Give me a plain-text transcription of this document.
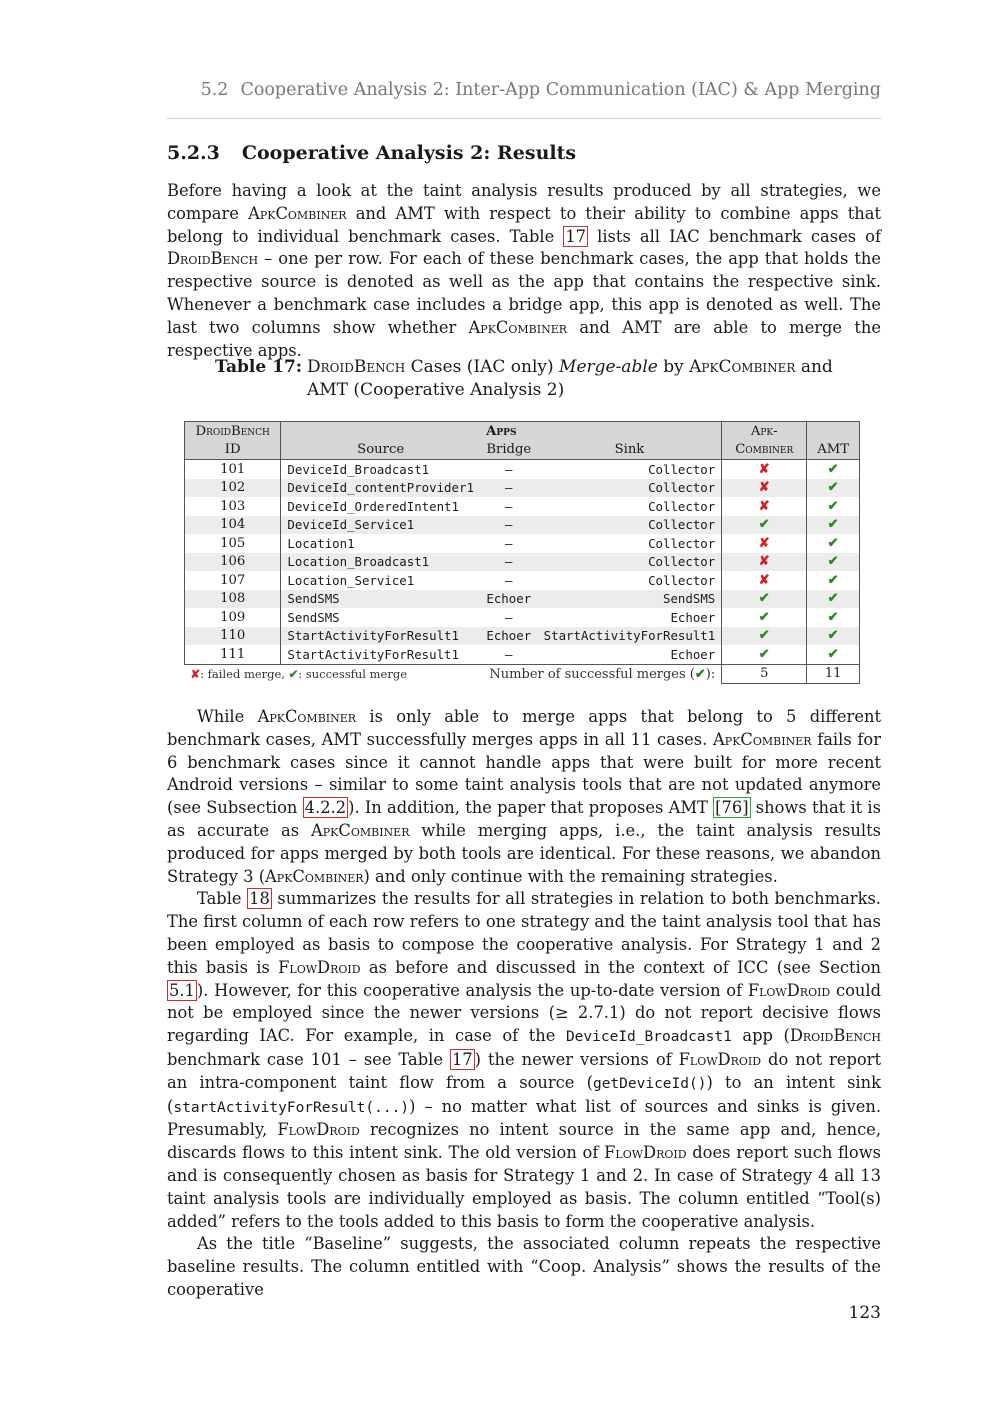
5.2 Cooperative Analysis 2: Inter-App Communication (IAC) & App Merging
5.2.3 Cooperative Analysis 2: Results

Before having a look at the taint analysis results produced by all strategies, we compare ApkCombiner and AMT with respect to their ability to combine apps that belong to individual benchmark cases. Table 17 lists all IAC benchmark cases of DroidBench – one per row. For each of these benchmark cases, the app that holds the respective source is denoted as well as the app that contains the respective sink. Whenever a benchmark case includes a bridge app, this app is denoted as well. The last two columns show whether ApkCombiner and AMT are able to merge the respective apps.

Table 17: DroidBench Cases (IAC only) Merge-able by ApkCombiner and AMT (Cooperative Analysis 2)
DroidBench	Apps			Apk-	
ID	Source	Bridge	Sink	Combiner	AMT
101	DeviceId_Broadcast1	—	Collector	✘	✔
102	DeviceId_contentProvider1	—	Collector	✘	✔
103	DeviceId_OrderedIntent1	—	Collector	✘	✔
104	DeviceId_Service1	—	Collector	✔	✔
105	Location1	—	Collector	✘	✔
106	Location_Broadcast1	—	Collector	✘	✔
107	Location_Service1	—	Collector	✘	✔
108	SendSMS	Echoer	SendSMS	✔	✔
109	SendSMS	—	Echoer	✔	✔
110	StartActivityForResult1	Echoer	StartActivityForResult1	✔	✔
111	StartActivityForResult1	—	Echoer	✔	✔

✘: failed merge, ✔: successful merge Number of successful merges (✔):				5	11

While ApkCombiner is only able to merge apps that belong to 5 different benchmark cases, AMT successfully merges apps in all 11 cases. ApkCombiner fails for 6 benchmark cases since it cannot handle apps that were built for more recent Android versions – similar to some taint analysis tools that are not updated anymore (see Subsection 4.2.2 ). In addition, the paper that proposes AMT [76] shows that it is as accurate as ApkCombiner while merging apps, i.e., the taint analysis results produced for apps merged by both tools are identical. For these reasons, we abandon Strategy 3 (ApkCombiner) and only continue with the remaining strategies.

Table 18 summarizes the results for all strategies in relation to both benchmarks. The first column of each row refers to one strategy and the taint analysis tool that has been employed as basis to compose the cooperative analysis. For Strategy 1 and 2 this basis is FlowDroid as before and discussed in the context of ICC (see Section 5.1 ). However, for this cooperative analysis the up-to-date version of FlowDroid could not be employed since the newer versions (≥ 2.7.1) do not report decisive flows regarding IAC. For example, in case of the DeviceId_Broadcast1 app (DroidBench benchmark case 101 – see Table 17 ) the newer versions of FlowDroid do not report an intra-component taint flow from a source (getDeviceId()) to an intent sink (startActivityForResult(...)) – no matter what list of sources and sinks is given. Presumably, FlowDroid recognizes no intent source in the same app and, hence, discards flows to this intent sink. The old version of FlowDroid does report such flows and is consequently chosen as basis for Strategy 1 and 2. In case of Strategy 4 all 13 taint analysis tools are individually employed as basis. The column entitled “Tool(s) added” refers to the tools added to this basis to form the cooperative analysis.

As the title “Baseline” suggests, the associated column repeats the respective baseline results. The column entitled with “Coop. Analysis” shows the results of the cooperative

123
